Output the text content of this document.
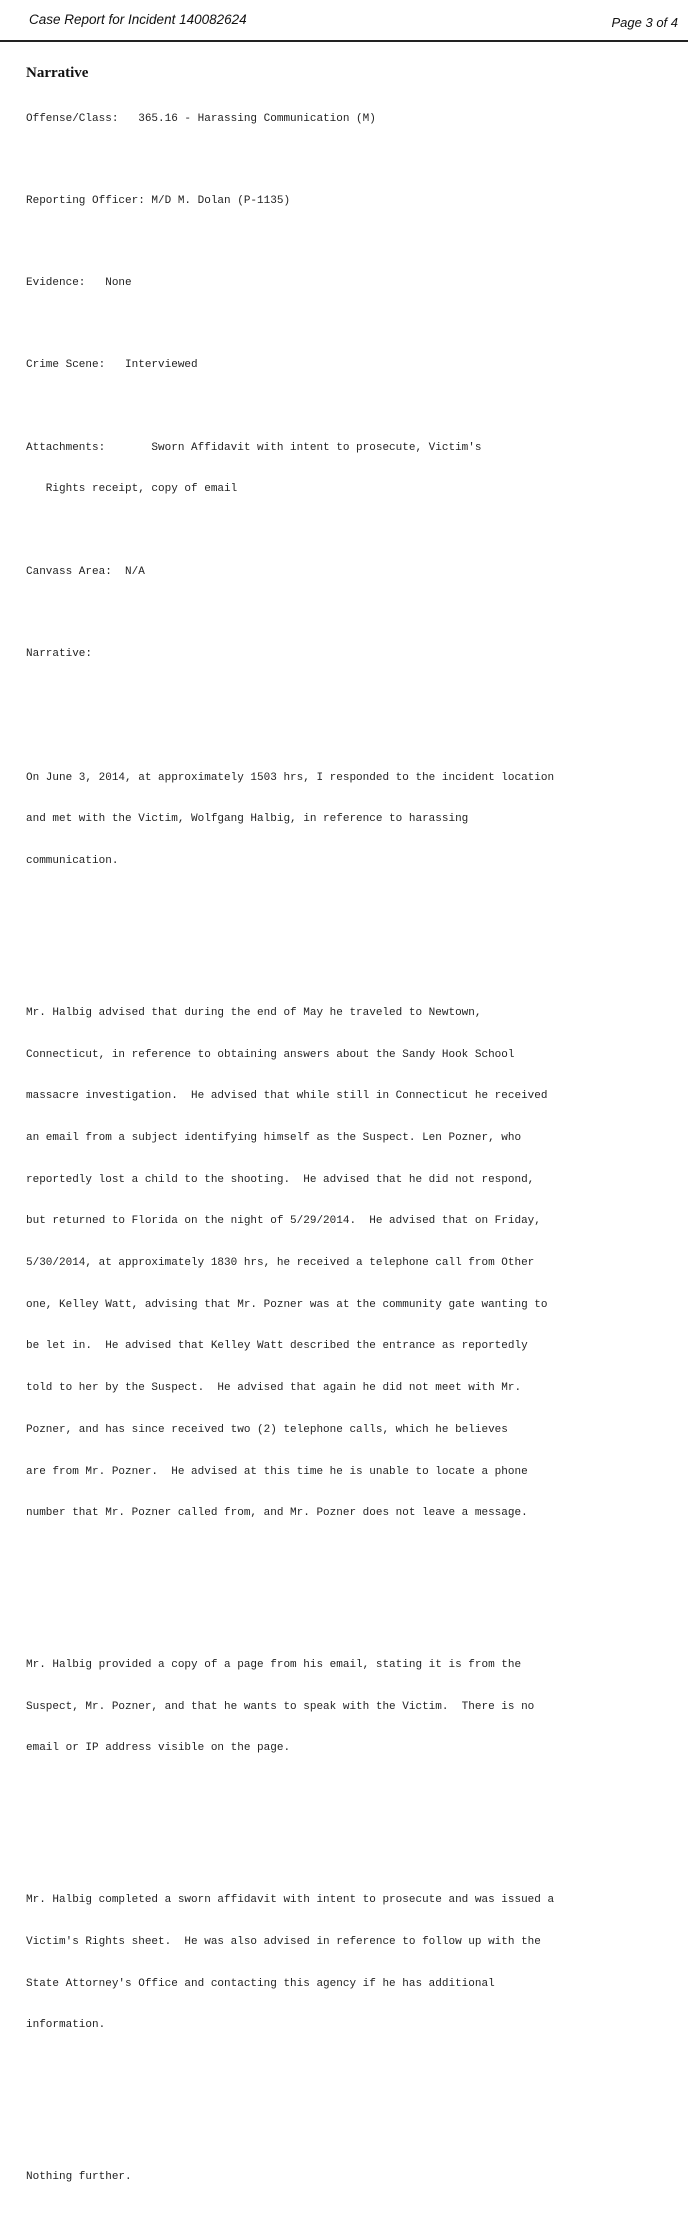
Case Report for Incident 140082624	Page 3 of 4
Narrative

Offense/Class:   365.16 - Harassing Communication (M)

Reporting Officer: M/D M. Dolan (P-1135)

Evidence:   None

Crime Scene:   Interviewed

Attachments:       Sworn Affidavit with intent to prosecute, Victim's

Rights receipt, copy of email

Canvass Area:  N/A

Narrative:

On June 3, 2014, at approximately 1503 hrs, I responded to the incident location

and met with the Victim, Wolfgang Halbig, in reference to harassing

communication.

Mr. Halbig advised that during the end of May he traveled to Newtown,

Connecticut, in reference to obtaining answers about the Sandy Hook School

massacre investigation.  He advised that while still in Connecticut he received

an email from a subject identifying himself as the Suspect. Len Pozner, who

reportedly lost a child to the shooting.  He advised that he did not respond,

but returned to Florida on the night of 5/29/2014.  He advised that on Friday,

5/30/2014, at approximately 1830 hrs, he received a telephone call from Other

one, Kelley Watt, advising that Mr. Pozner was at the community gate wanting to

be let in.  He advised that Kelley Watt described the entrance as reportedly

told to her by the Suspect.  He advised that again he did not meet with Mr.

Pozner, and has since received two (2) telephone calls, which he believes

are from Mr. Pozner.  He advised at this time he is unable to locate a phone

number that Mr. Pozner called from, and Mr. Pozner does not leave a message.

Mr. Halbig provided a copy of a page from his email, stating it is from the

Suspect, Mr. Pozner, and that he wants to speak with the Victim.  There is no

email or IP address visible on the page.

Mr. Halbig completed a sworn affidavit with intent to prosecute and was issued a

Victim's Rights sheet.  He was also advised in reference to follow up with the

State Attorney's Office and contacting this agency if he has additional

information.

Nothing further.
